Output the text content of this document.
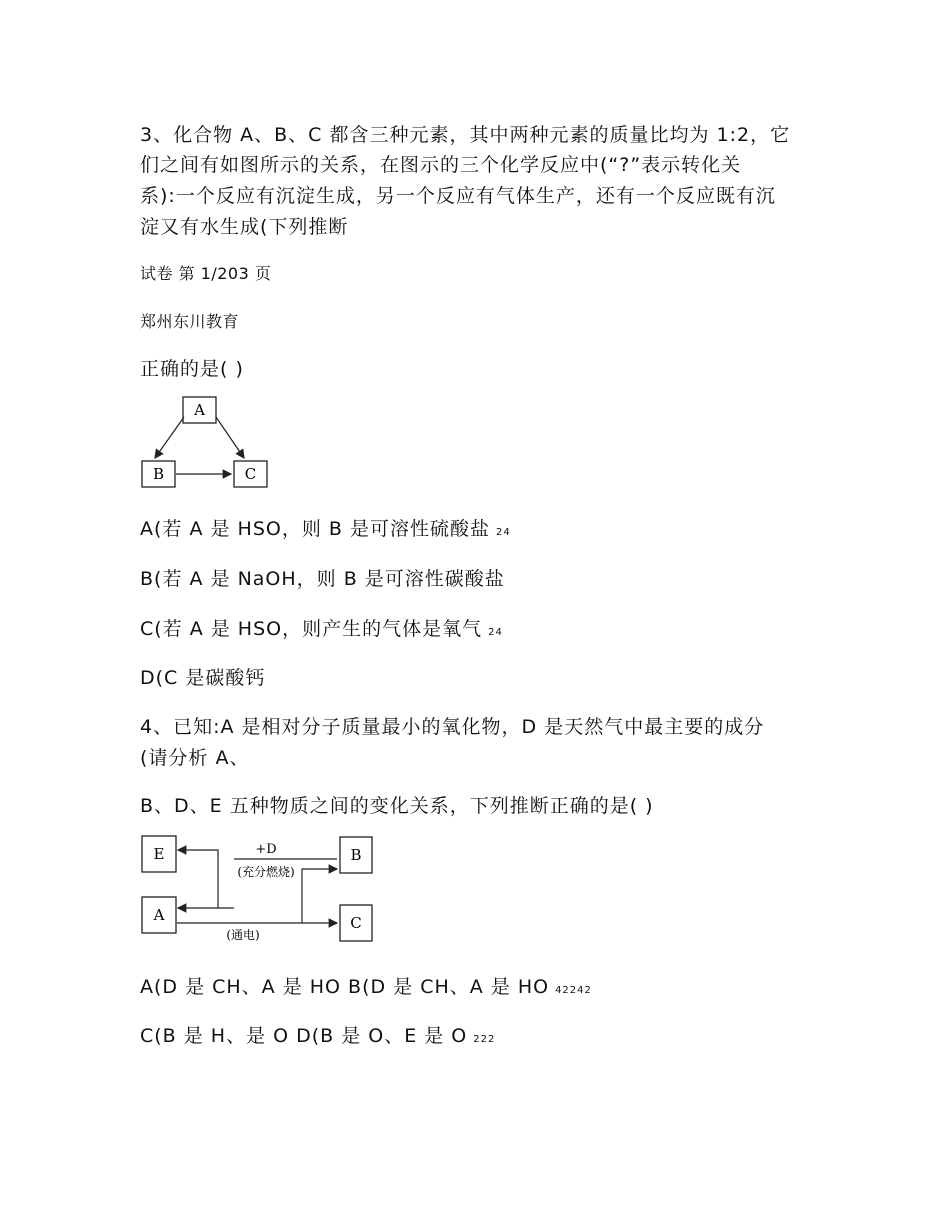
3、化合物 A、B、C 都含三种元素，其中两种元素的质量比均为 1:2，它
们之间有如图所示的关系，在图示的三个化学反应中(“?”表示转化关
系):一个反应有沉淀生成，另一个反应有气体生产，还有一个反应既有沉
淀又有水生成(下列推断
试卷 第 1/203 页
郑州东川教育
正确的是( )
A
B	C
A(若 A 是 HSO，则 B 是可溶性硫酸盐 24
B(若 A 是 NaOH，则 B 是可溶性碳酸盐
C(若 A 是 HSO，则产生的气体是氧气 24
D(C 是碳酸钙
4、已知:A 是相对分子质量最小的氧化物，D 是天然气中最主要的成分
(请分析 A、
B、D、E 五种物质之间的变化关系，下列推断正确的是( )
E	B
A	C
+D
(充分燃烧)
(通电)
A(D 是 CH、A 是 HO B(D 是 CH、A 是 HO 42242
C(B 是 H、是 O D(B 是 O、E 是 O 222
